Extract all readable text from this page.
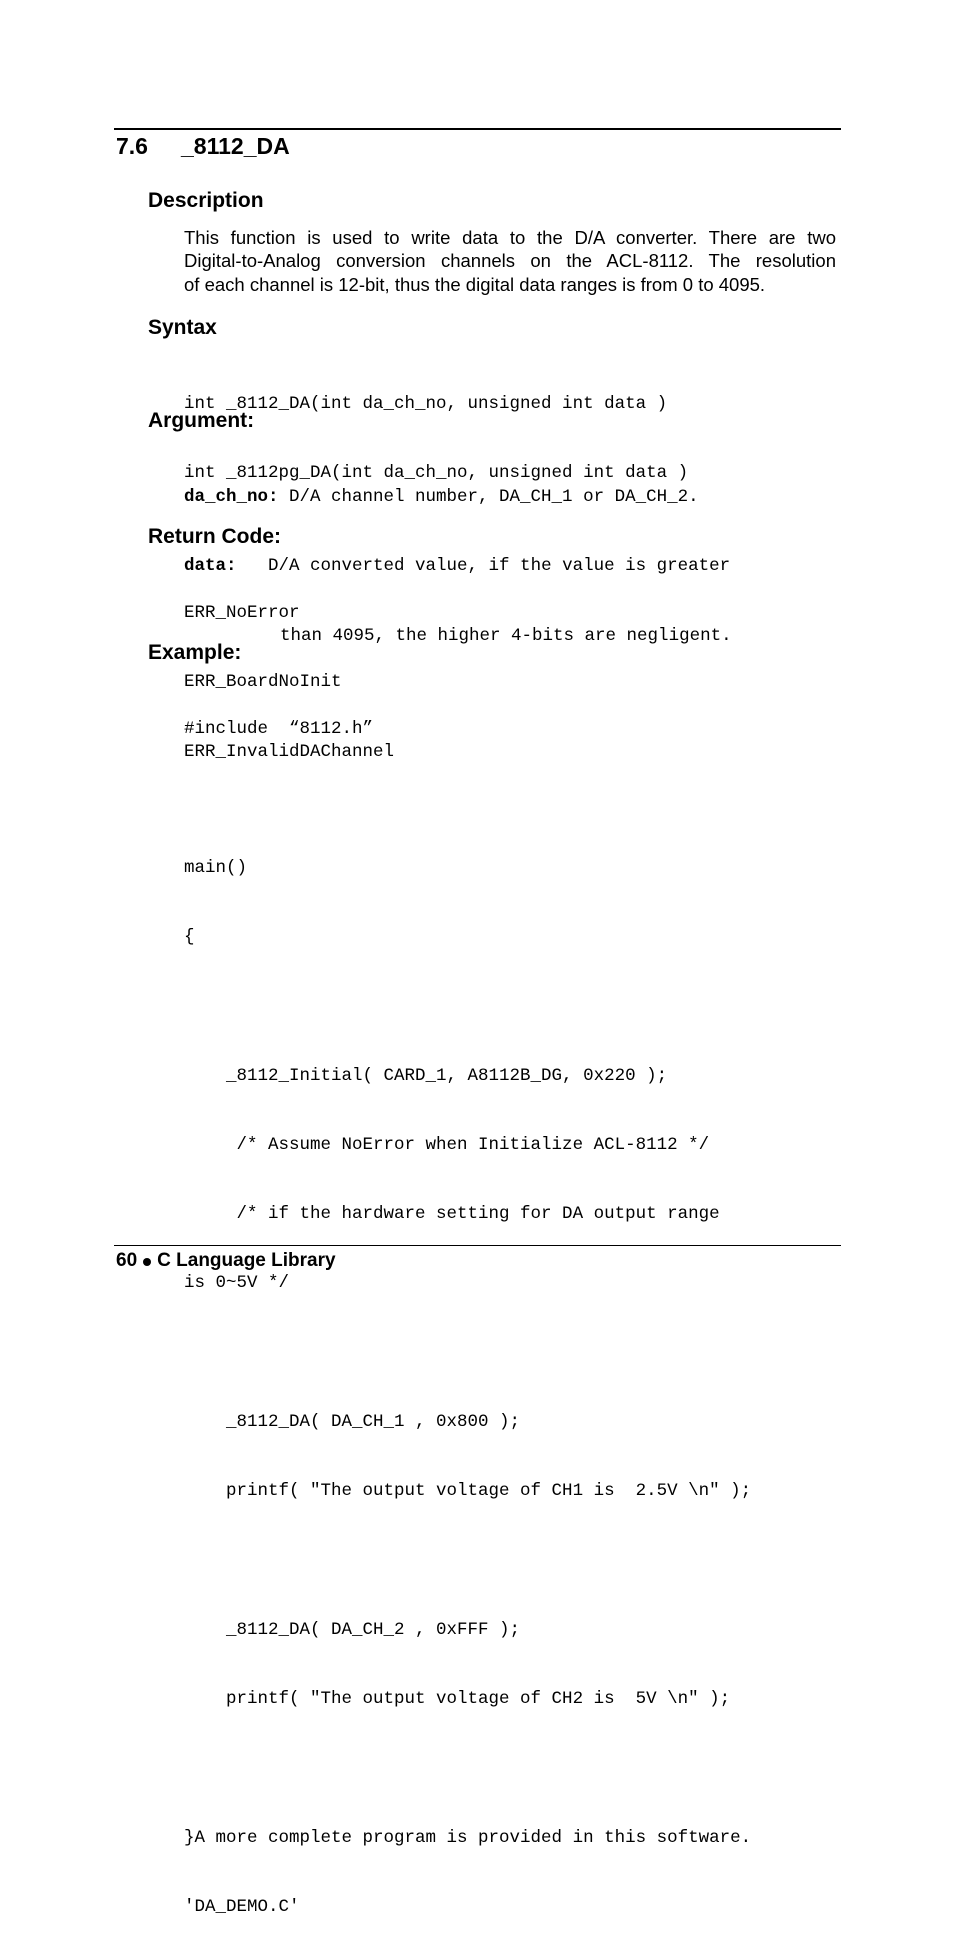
7.6 _8112_DA
Description
This function is used to write data to the D/A converter. There are two
Digital-to-Analog conversion channels on the ACL-8112. The resolution
of each channel is 12-bit, thus the digital data ranges is from 0 to 4095.
Syntax

int _8112_DA(int da_ch_no, unsigned int data )

int _8112pg_DA(int da_ch_no, unsigned int data )

Argument:

da_ch_no: D/A channel number, DA_CH_1 or DA_CH_2.

data:   D/A converted value, if the value is greater

than 4095, the higher 4-bits are negligent.

Return Code:

ERR_NoError

ERR_BoardNoInit

ERR_InvalidDAChannel

Example:

#include  “8112.h”

main()

{

_8112_Initial( CARD_1, A8112B_DG, 0x220 );

/* Assume NoError when Initialize ACL-8112 */

/* if the hardware setting for DA output range

is 0~5V */

_8112_DA( DA_CH_1 , 0x800 );

printf( "The output voltage of CH1 is  2.5V \n" );

_8112_DA( DA_CH_2 , 0xFFF );

printf( "The output voltage of CH2 is  5V \n" );

}A more complete program is provided in this software.

'DA_DEMO.C'

60 C Language Library
